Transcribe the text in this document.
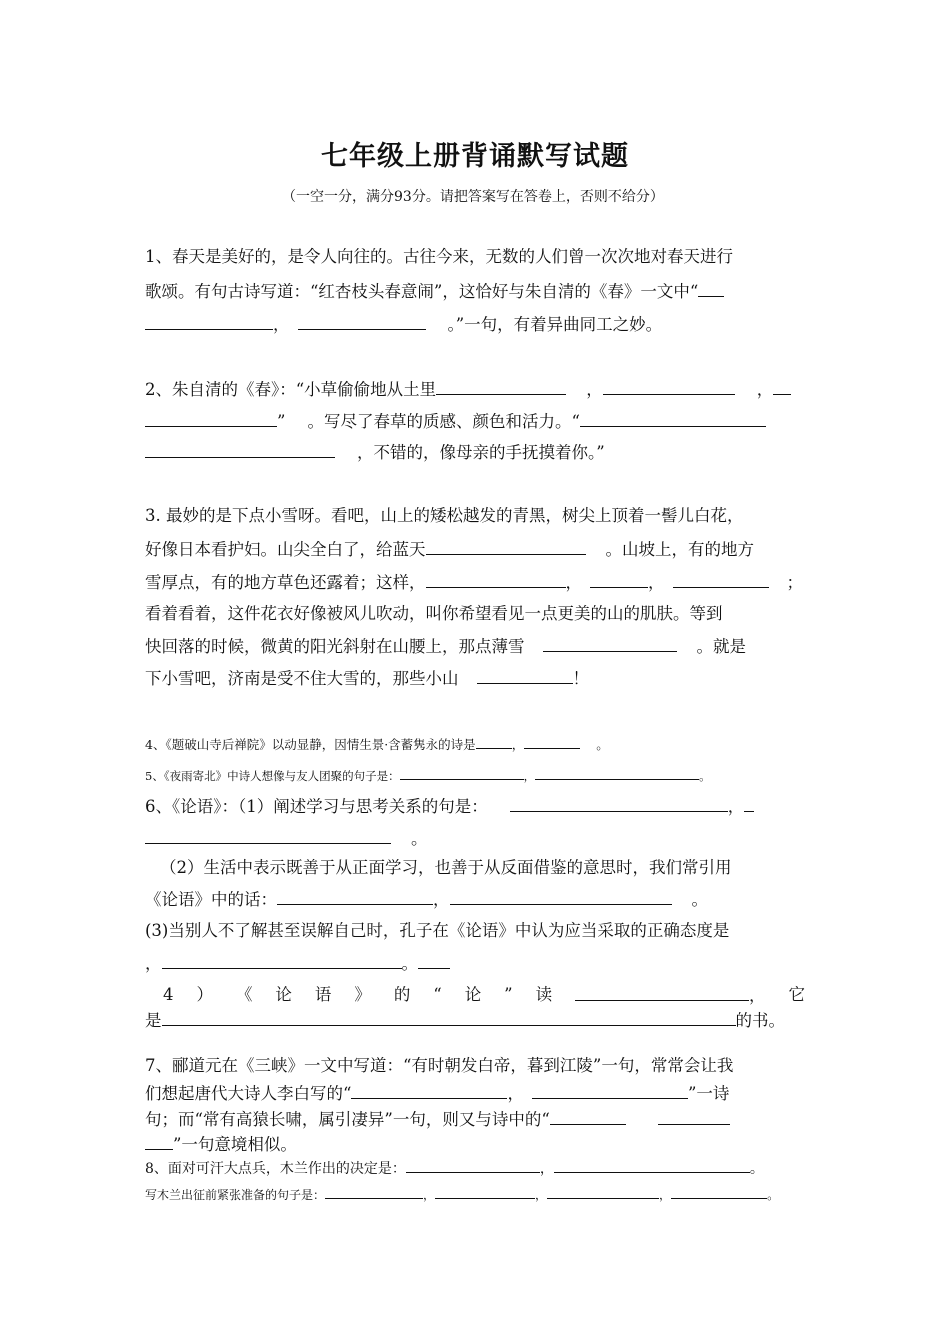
七年级上册背诵默写试题
（一空一分，满分93分。请把答案写在答卷上，否则不给分）
1、春天是美好的，是令人向往的。古往今来，无数的人们曾一次次地对春天进行
歌颂。有句古诗写道：“红杏枝头春意闹”，这恰好与朱自清的《春》一文中“
，	。”一句，有着异曲同工之妙。
2、朱自清的《春》：“小草偷偷地从土里	，	，
” 。写尽了春草的质感、颜色和活力。“
，不错的，像母亲的手抚摸着你。”
3. 最妙的是下点小雪呀。看吧，山上的矮松越发的青黑，树尖上顶着一髻儿白花，
好像日本看护妇。山尖全白了，给蓝天	。山坡上，有的地方
雪厚点，有的地方草色还露着；这样，	，	，	；
看着看着，这件花衣好像被风儿吹动，叫你希望看见一点更美的山的肌肤。等到
快回落的时候，微黄的阳光斜射在山腰上，那点薄雪	。就是
下小雪吧，济南是受不住大雪的，那些小山	！
4、《题破山寺后禅院》以动显静，因情生景·含蓄隽永的诗是	，	。
5、《夜雨寄北》中诗人想像与友人团聚的句子是：	，	。
6、《论语》：（1）阐述学习与思考关系的句是：	，
。
（2）生活中表示既善于从正面学习，也善于从反面借鉴的意思时，我们常引用
《论语》中的话：	，	。
(3)当别人不了解甚至误解自己时，孔子在《论语》中认为应当采取的正确态度是
，	。
4 ） 《 论 语 》 的 “ 论 ” 读	， 它
是	的书。
7、郦道元在《三峡》一文中写道：“有时朝发白帝，暮到江陵”一句，常常会让我
们想起唐代大诗人李白写的“	，	”一诗
句；而“常有高猿长啸，属引凄异”一句，则又与诗中的“
”一句意境相似。
8、面对可汗大点兵，木兰作出的决定是：	，	。
写木兰出征前紧张准备的句子是：	，	，	，	。
